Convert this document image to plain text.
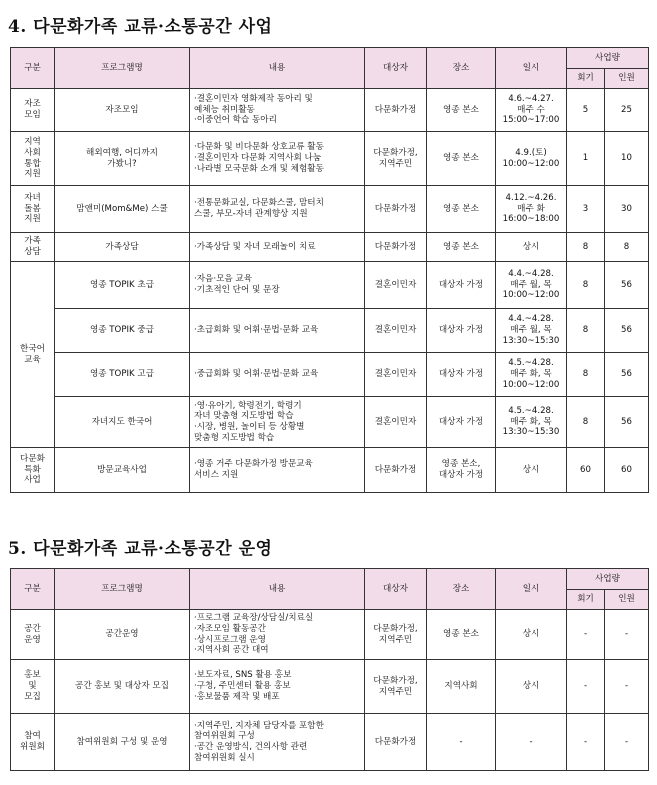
4. 다문화가족 교류·소통공간 사업
구분	프로그램명	내용	대상자	장소	일시	사업량	
						회기	인원
자조
모임	자조모임	·결혼이민자 영화제작 동아리 및
예체능 취미활동
·이중언어 학습 동아리	다문화가정	영종 본소	4.6.~4.27.
매주 수
15:00~17:00	5	25
지역
사회
통합
지원	해외여행, 어디까지
가봤니?	·다문화 및 비다문화 상호교류 활동
·결혼이민자 다문화 지역사회 나눔
·나라별 모국문화 소개 및 체험활동	다문화가정,
지역주민	영종 본소	4.9.(토)
10:00~12:00	1	10
자녀
돌봄
지원	맘앤미(Mom&Me) 스쿨	·전통문화교실, 다문화스쿨, 맘터치
스쿨, 부모-자녀 관계향상 지원	다문화가정	영종 본소	4.12.~4.26.
매주 화
16:00~18:00	3	30
가족
상담	가족상담	·가족상담 및 자녀 모래놀이 치료	다문화가정	영종 본소	상시	8	8
한국어
교육	영종 TOPIK 초급	·자음·모음 교육
·기초적인 단어 및 문장	결혼이민자	대상자 가정	4.4.~4.28.
매주 월, 목
10:00~12:00	8	56
	영종 TOPIK 중급	·초급회화 및 어휘·문법·문화 교육	결혼이민자	대상자 가정	4.4.~4.28.
매주 월, 목
13:30~15:30	8	56
	영종 TOPIK 고급	·중급회화 및 어휘·문법·문화 교육	결혼이민자	대상자 가정	4.5.~4.28.
매주 화, 목
10:00~12:00	8	56
	자녀지도 한국어	·영·유아기, 학령전기, 학령기
자녀 맞춤형 지도방법 학습
·시장, 병원, 놀이터 등 상황별
맞춤형 지도방법 학습	결혼이민자	대상자 가정	4.5.~4.28.
매주 화, 목
13:30~15:30	8	56
다문화
특화
사업	방문교육사업	·영종 거주 다문화가정 방문교육
서비스 지원	다문화가정	영종 본소,
대상자 가정	상시	60	60
5. 다문화가족 교류·소통공간 운영
구분	프로그램명	내용	대상자	장소	일시	사업량	
						회기	인원
공간
운영	공간운영	·프로그램 교육장/상담실/치료실
·자조모임 활동공간
·상시프로그램 운영
·지역사회 공간 대여	다문화가정,
지역주민	영종 본소	상시	-	-
홍보
및
모집	공간 홍보 및 대상자 모집	·보도자료, SNS 활용 홍보
·구청, 주민센터 활용 홍보
·홍보물품 제작 및 배포	다문화가정,
지역주민	지역사회	상시	-	-
참여
위원회	참여위원회 구성 및 운영	·지역주민, 지자체 담당자를 포함한
참여위원회 구성
·공간 운영방식, 건의사항 관련
참여위원회 실시	다문화가정	-	-	-	-
